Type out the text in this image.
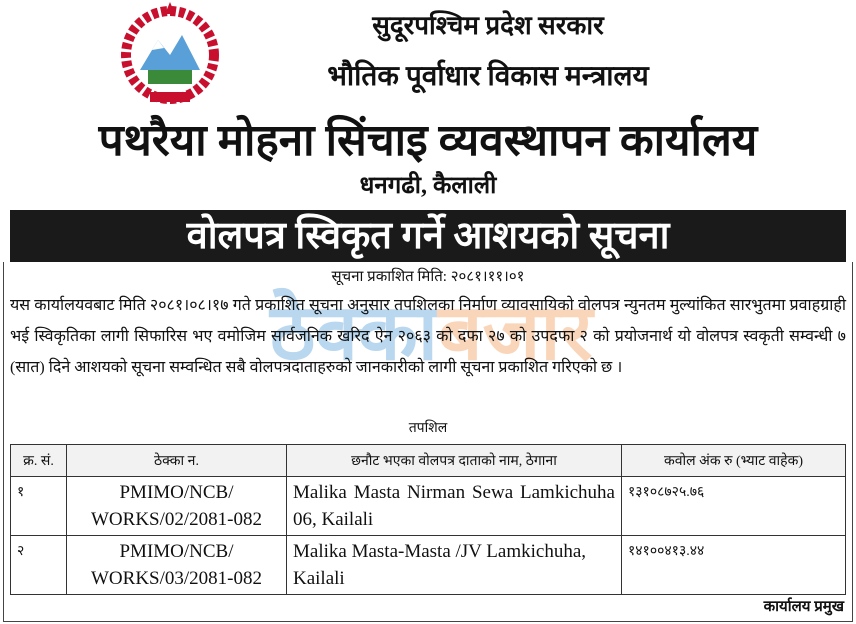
सुदूरपश्चिम प्रदेश सरकार
भौतिक पूर्वाधार विकास मन्त्रालय
पथरैया मोहना सिंचाइ व्यवस्थापन कार्यालय
धनगढी, कैलाली
वोलपत्र स्विकृत गर्ने आशयको सूचना
सूचना प्रकाशित मिति: २०८१।११।०१
ठेक्काबजार
यस कार्यालयवबाट मिति २०८१।०८।१७ गते प्रकाशित सूचना अनुसार तपशिलका निर्माण व्यावसायिको वोलपत्र न्युनतम मुल्यांकित सारभुतमा प्रवाहग्राही भई स्विकृतिका लागी सिफारिस भए वमोजिम सार्वजनिक खरिद ऐन २०६३ को दफा २७ को उपदफा २ को प्रयोजनार्थ यो वोलपत्र स्वकृती सम्वन्धी ७ (सात) दिने आशयको सूचना सम्वन्धित सबै वोलपत्रदाताहरुको जानकारीको लागी सूचना प्रकाशित गरिएको छ ।
तपशिल
क्र. सं.	ठेक्का न.	छनौट भएका वोलपत्र दाताको नाम, ठेगाना	कवोल अंक रु (भ्याट वाहेक)
१	PMIMO/NCB/ WORKS/02/2081-082	Malika Masta Nirman Sewa Lamkichuha 06, Kailali	१३१०८७२५.७६
२	PMIMO/NCB/ WORKS/03/2081-082	Malika Masta-Masta /JV Lamkichuha, Kailali	१४१००४१३.४४
कार्यालय प्रमुख
